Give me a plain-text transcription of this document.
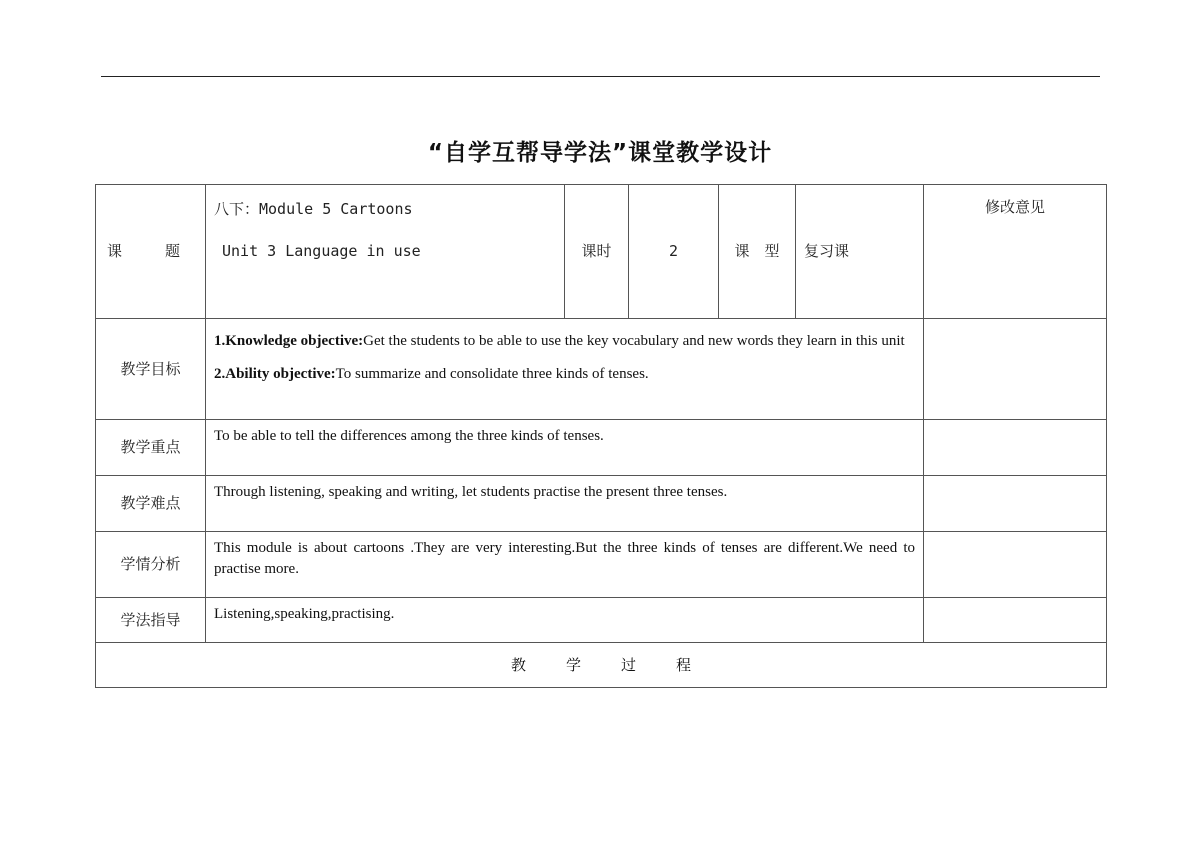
“自学互帮导学法”课堂教学设计
课　题	八下：Module 5 Cartoons
Unit 3 Language in use	课时	2	课　型	复习课	修改意见
教学目标	1.Knowledge objective:Get the students to be able to use the key vocabulary and new words they learn in this unit
2.Ability objective:To summarize and consolidate three kinds of tenses.					

教学重点	To be able to tell the differences among the three kinds of tenses.					
教学难点	Through listening, speaking and writing, let students practise the present three tenses.					
学情分析	This module is about cartoons .They are very interesting.But the three kinds of tenses are different.We need to practise more.					
学法指导	Listening,speaking,practising.					
教学过程						
